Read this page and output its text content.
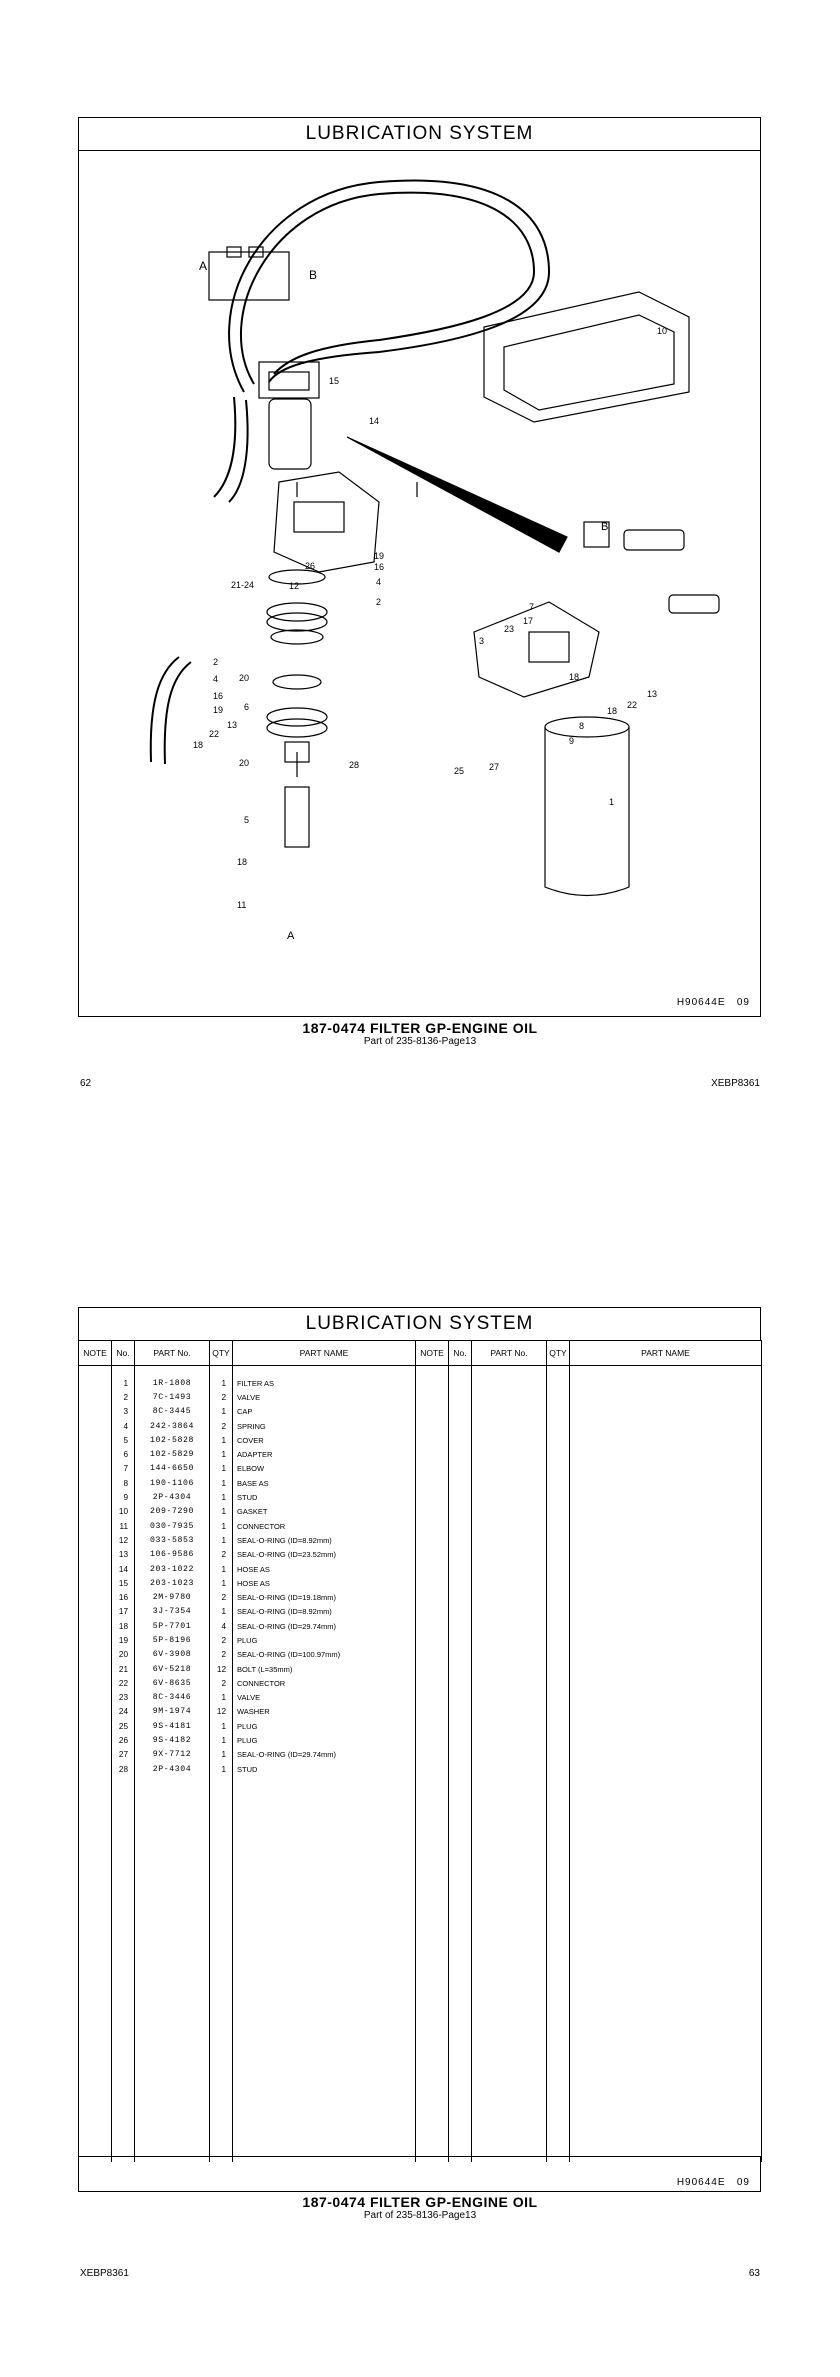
LUBRICATION SYSTEM
A
B
10
15
14
B
19
16
26
4
12
2
21-24
7
23
17
3
18
13
22
18
8
9
25	27
1
2
4
16
19
20
6
13
22
18
20	28
5
18
11
A
H90644E 09
187-0474 FILTER GP-ENGINE OIL
Part of 235-8136-Page13
62	XEBP8361
LUBRICATION SYSTEM
NOTE	No.	PART No.	QTY	PART NAME	NOTE	No.	PART No.	QTY	PART NAME

	1	1R-1808	1	FILTER AS					
	2	7C-1493	2	VALVE					
	3	8C-3445	1	CAP					
	4	242-3864	2	SPRING					
	5	102-5828	1	COVER					
	6	102-5829	1	ADAPTER					
	7	144-6650	1	ELBOW					
	8	190-1106	1	BASE AS					
	9	2P-4304	1	STUD					
	10	209-7290	1	GASKET					
	11	030-7935	1	CONNECTOR					
	12	033-5853	1	SEAL-O-RING (ID=8.92mm)					
	13	106-9586	2	SEAL-O-RING (ID=23.52mm)					
	14	203-1022	1	HOSE AS					
	15	203-1023	1	HOSE AS					
	16	2M-9780	2	SEAL-O-RING (ID=19.18mm)					
	17	3J-7354	1	SEAL-O-RING (ID=8.92mm)					
	18	5P-7701	4	SEAL-O-RING (ID=29.74mm)					
	19	5P-8196	2	PLUG					
	20	6V-3908	2	SEAL-O-RING (ID=100.97mm)					
	21	6V-5218	12	BOLT (L=35mm)					
	22	6V-8635	2	CONNECTOR					
	23	8C-3446	1	VALVE					
	24	9M-1974	12	WASHER					
	25	9S-4181	1	PLUG					
	26	9S-4182	1	PLUG					
	27	9X-7712	1	SEAL-O-RING (ID=29.74mm)					
	28	2P-4304	1	STUD					

H90644E 09
187-0474 FILTER GP-ENGINE OIL
Part of 235-8136-Page13
XEBP8361	63
